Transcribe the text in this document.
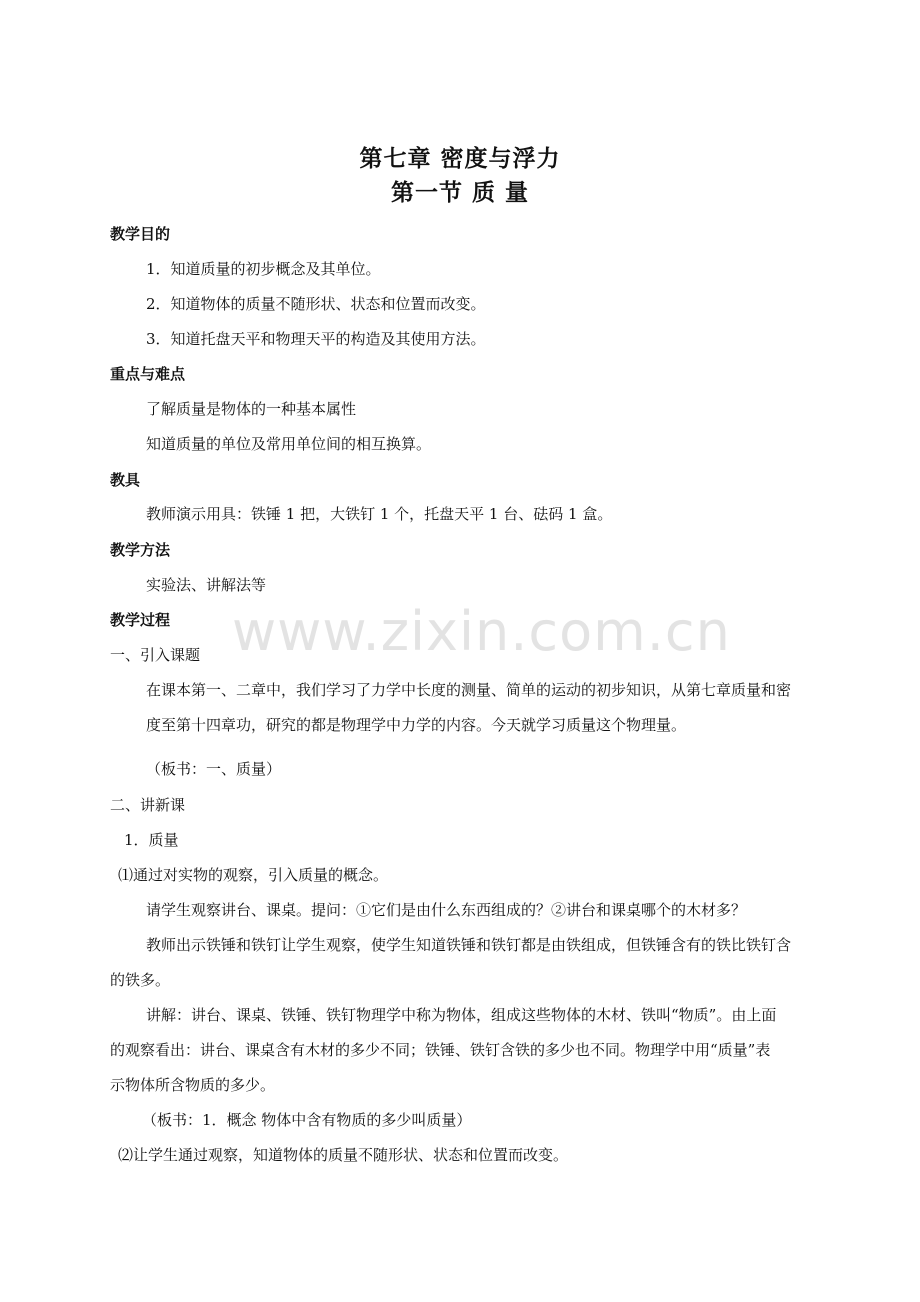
www.zixin.com.cn
第七章 密度与浮力
第一节 质 量
教学目的
1．知道质量的初步概念及其单位。
2．知道物体的质量不随形状、状态和位置而改变。
3．知道托盘天平和物理天平的构造及其使用方法。
重点与难点
了解质量是物体的一种基本属性
知道质量的单位及常用单位间的相互换算。
教具
教师演示用具：铁锤 1 把，大铁钉 1 个，托盘天平 1 台、砝码 1 盒。
教学方法
实验法、讲解法等
教学过程
一、引入课题
在课本第一、二章中，我们学习了力学中长度的测量、简单的运动的初步知识，从第七章质量和密
度至第十四章功，研究的都是物理学中力学的内容。今天就学习质量这个物理量。
（板书：一、质量）
二、讲新课
1．质量
⑴通过对实物的观察，引入质量的概念。
请学生观察讲台、课桌。提问：①它们是由什么东西组成的？②讲台和课桌哪个的木材多？
教师出示铁锤和铁钉让学生观察，使学生知道铁锤和铁钉都是由铁组成，但铁锤含有的铁比铁钉含
的铁多。
讲解：讲台、课桌、铁锤、铁钉物理学中称为物体，组成这些物体的木材、铁叫“物质”。由上面
的观察看出：讲台、课桌含有木材的多少不同；铁锤、铁钉含铁的多少也不同。物理学中用“质量”表
示物体所含物质的多少。
（板书：1．概念 物体中含有物质的多少叫质量）
⑵让学生通过观察，知道物体的质量不随形状、状态和位置而改变。
